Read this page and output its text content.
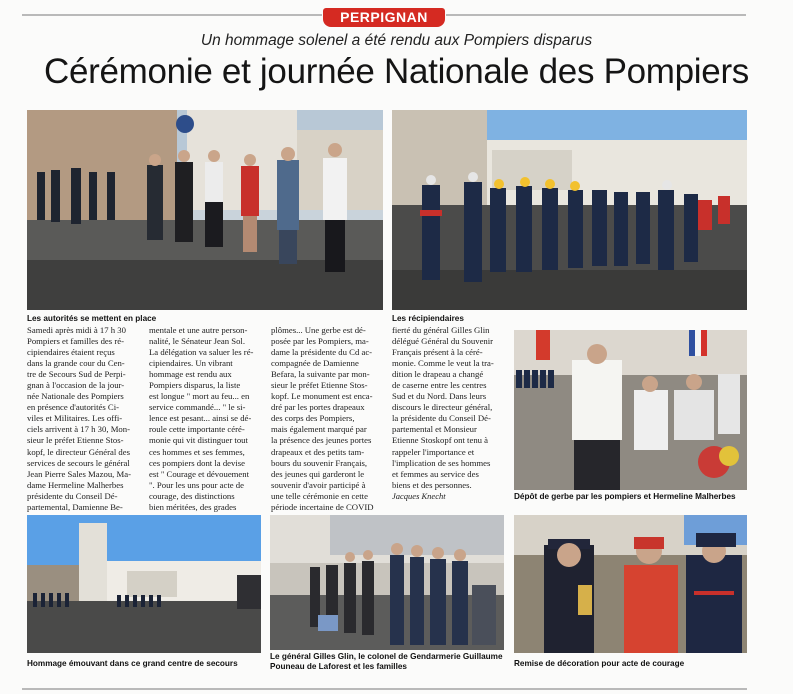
PERPIGNAN
Un hommage solenel a été rendu aux Pompiers disparus
Cérémonie et journée Nationale des Pompiers
Les autorités se mettent en place	Les récipiendaires
Samedi après midi à 17 h 30
Pompiers et familles des ré-
cipiendaires étaient reçus
dans la grande cour du Cen-
tre de Secours Sud de Perpi-
gnan à l'occasion de la jour-
née Nationale des Pompiers
en présence d'autorités Ci-
viles et Militaires. Les offi-
ciels arrivent à 17 h 30, Mon-
sieur le préfet Etienne Stos-
kopf, le directeur Général des
services de secours le général
Jean Pierre Sales Mazou, Ma-
dame Hermeline Malherbes
présidente du Conseil Dé-
partemental, Damienne Be-

mentale et une autre person-
nalité, le Sénateur Jean Sol.
La délégation va saluer les ré-
cipiendaires. Un vibrant
hommage est rendu aux
Pompiers disparus, la liste
est longue " mort au feu... en
service commandé... " le si-
lence est pesant... ainsi se dé-
roule cette importante céré-
monie qui vit distinguer tout
ces hommes et ses femmes,
ces pompiers dont la devise
est " Courage et dévouement
". Pour les uns pour acte de
courage, des distinctions
bien méritées, des grades

plômes... Une gerbe est dé-
posée par les Pompiers, ma-
dame la présidente du Cd ac-
compagnée de Damienne
Befara, la suivante par mon-
sieur le préfet Etienne Stos-
kopf. Le monument est enca-
dré par les portes drapeaux
des corps des Pompiers,
mais également marqué par
la présence des jeunes portes
drapeaux et des petits tam-
bours du souvenir Français,
des jeunes qui garderont le
souvenir d'avoir participé à
une telle cérémonie en cette
période incertaine de COVID

fierté du général Gilles Glin
délégué Général du Souvenir
Français présent à la céré-
monie. Comme le veut la tra-
dition le drapeau a changé
de caserne entre les centres
Sud et du Nord. Dans leurs
discours le directeur général,
la présidente du Conseil Dé-
partemental et Monsieur
Etienne Stoskopf ont tenu à
rappeler l'importance et
l'implication de ses hommes
et femmes au service des
biens et des personnes.
Jacques Knecht	Dépôt de gerbe par les pompiers et Hermeline Malherbes
Hommage émouvant dans ce grand centre de secours
Le général Gilles Glin, le colonel de Gendarmerie Guillaume
Pouneau de Laforest et les familles	Remise de décoration pour acte de courage
